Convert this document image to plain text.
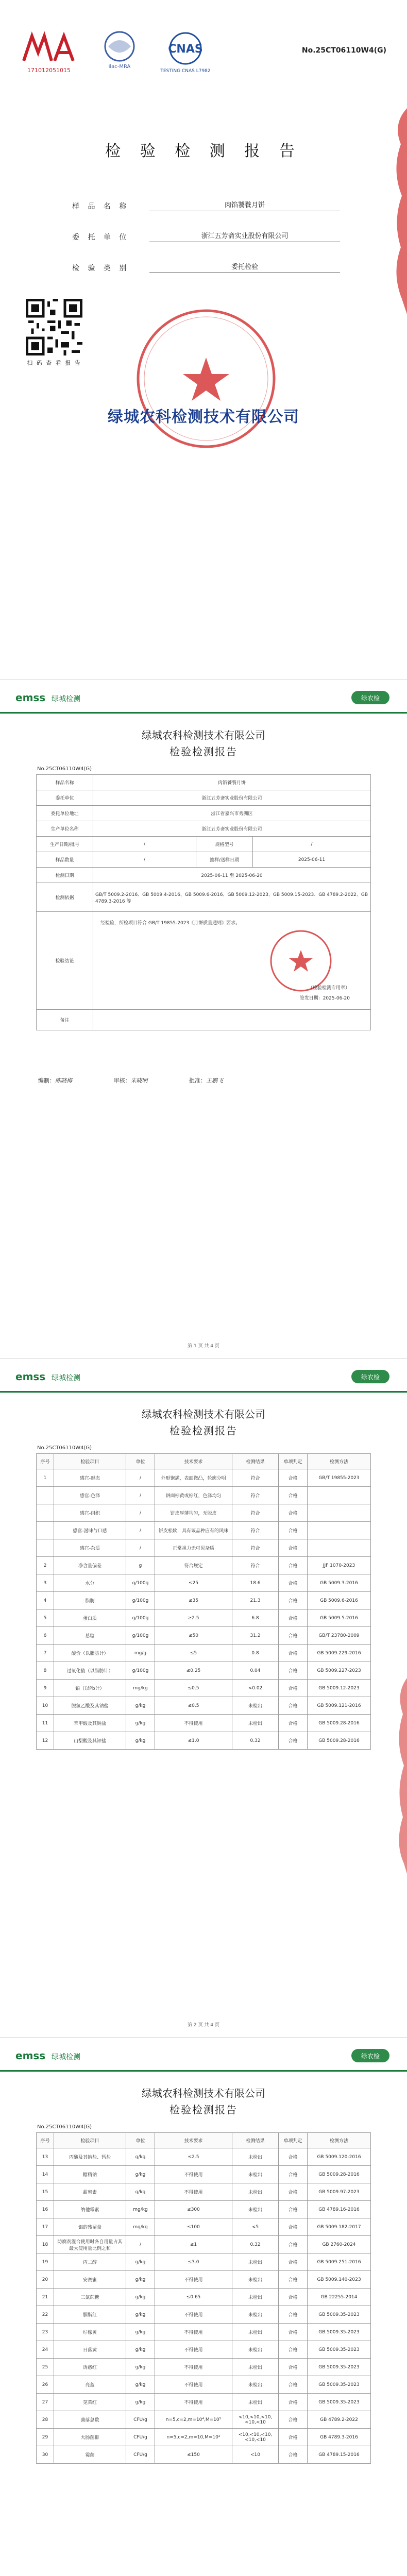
171012051015
ilac-MRA
CNAS
TESTING CNAS L7982
No.25CT06110W4(G)
检 验 检 测 报 告
样 品 名 称	肉馅饕餮月饼
委 托 单 位	浙江五芳斋实业股份有限公司
检 验 类 别	委托检验
扫 码 查 看 报 告
绿城农科检测技术有限公司
emss 绿城检测	绿农检
绿城农科检测技术有限公司
检验检测报告
No.25CT06110W4(G)
样品名称	肉馅饕餮月饼		
委托单位	浙江五芳斋实业股份有限公司		
委托单位地址	浙江省嘉兴市秀洲区		
生产单位名称	浙江五芳斋实业股份有限公司		
生产日期/批号	/	规格型号	/
样品数量	/	抽样/送样日期	2025-06-11
检测日期	2025-06-11 至 2025-06-20		
检测依据	GB/T 5009.2-2016、GB 5009.4-2016、GB 5009.6-2016、GB 5009.12-2023、GB 5009.15-2023、GB 4789.2-2022、GB 4789.3-2016 等		
检验结论	经检验，所检项目符合 GB/T 19855-2023《月饼质量通则》要求。
（检验检测专用章）
签发日期：2025-06-20		

备注			
编制：陈晓梅	审核：朱晓明	批准：王鹏飞
第 1 页 共 4 页
emss 绿城检测	绿农检
绿城农科检测技术有限公司
检验检测报告
No.25CT06110W4(G)
序号	检验项目	单位	技术要求	检测结果	单项判定	检测方法
1	感官-形态	/	外形饱满，表面微凸，轮廓分明	符合	合格	GB/T 19855-2023
	感官-色泽	/	饼面棕黄或棕红，色泽均匀	符合	合格	
	感官-组织	/	饼皮厚薄均匀，无脱皮	符合	合格	
	感官-滋味与口感	/	饼皮松软，具有该品种应有的风味	符合	合格	
	感官-杂质	/	正常视力无可见杂质	符合	合格	
2	净含量偏差	g	符合规定	符合	合格	JJF 1070-2023
3	水分	g/100g	≤25	18.6	合格	GB 5009.3-2016
4	脂肪	g/100g	≤35	21.3	合格	GB 5009.6-2016
5	蛋白质	g/100g	≥2.5	6.8	合格	GB 5009.5-2016
6	总糖	g/100g	≤50	31.2	合格	GB/T 23780-2009
7	酸价（以脂肪计）	mg/g	≤5	0.8	合格	GB 5009.229-2016
8	过氧化值（以脂肪计）	g/100g	≤0.25	0.04	合格	GB 5009.227-2023
9	铅（以Pb计）	mg/kg	≤0.5	<0.02	合格	GB 5009.12-2023
10	脱氢乙酸及其钠盐	g/kg	≤0.5	未检出	合格	GB 5009.121-2016
11	苯甲酸及其钠盐	g/kg	不得使用	未检出	合格	GB 5009.28-2016
12	山梨酸及其钾盐	g/kg	≤1.0	0.32	合格	GB 5009.28-2016
第 2 页 共 4 页
emss 绿城检测	绿农检
绿城农科检测技术有限公司
检验检测报告
No.25CT06110W4(G)
序号	检验项目	单位	技术要求	检测结果	单项判定	检测方法
13	丙酸及其钠盐、钙盐	g/kg	≤2.5	未检出	合格	GB 5009.120-2016
14	糖精钠	g/kg	不得使用	未检出	合格	GB 5009.28-2016
15	甜蜜素	g/kg	不得使用	未检出	合格	GB 5009.97-2023
16	纳他霉素	mg/kg	≤300	未检出	合格	GB 4789.16-2016
17	铝的残留量	mg/kg	≤100	<5	合格	GB 5009.182-2017
18	防腐剂混合使用时各自用量占其最大使用量比例之和	/	≤1	0.32	合格	GB 2760-2024
19	丙二醇	g/kg	≤3.0	未检出	合格	GB 5009.251-2016
20	安赛蜜	g/kg	不得使用	未检出	合格	GB 5009.140-2023
21	三氯蔗糖	g/kg	≤0.65	未检出	合格	GB 22255-2014
22	胭脂红	g/kg	不得使用	未检出	合格	GB 5009.35-2023
23	柠檬黄	g/kg	不得使用	未检出	合格	GB 5009.35-2023
24	日落黄	g/kg	不得使用	未检出	合格	GB 5009.35-2023
25	诱惑红	g/kg	不得使用	未检出	合格	GB 5009.35-2023
26	亮蓝	g/kg	不得使用	未检出	合格	GB 5009.35-2023
27	苋菜红	g/kg	不得使用	未检出	合格	GB 5009.35-2023
28	菌落总数	CFU/g	n=5,c=2,m=10⁴,M=10⁵	<10,<10,<10,<10,<10	合格	GB 4789.2-2022
29	大肠菌群	CFU/g	n=5,c=2,m=10,M=10²	<10,<10,<10,<10,<10	合格	GB 4789.3-2016
30	霉菌	CFU/g	≤150	<10	合格	GB 4789.15-2016
